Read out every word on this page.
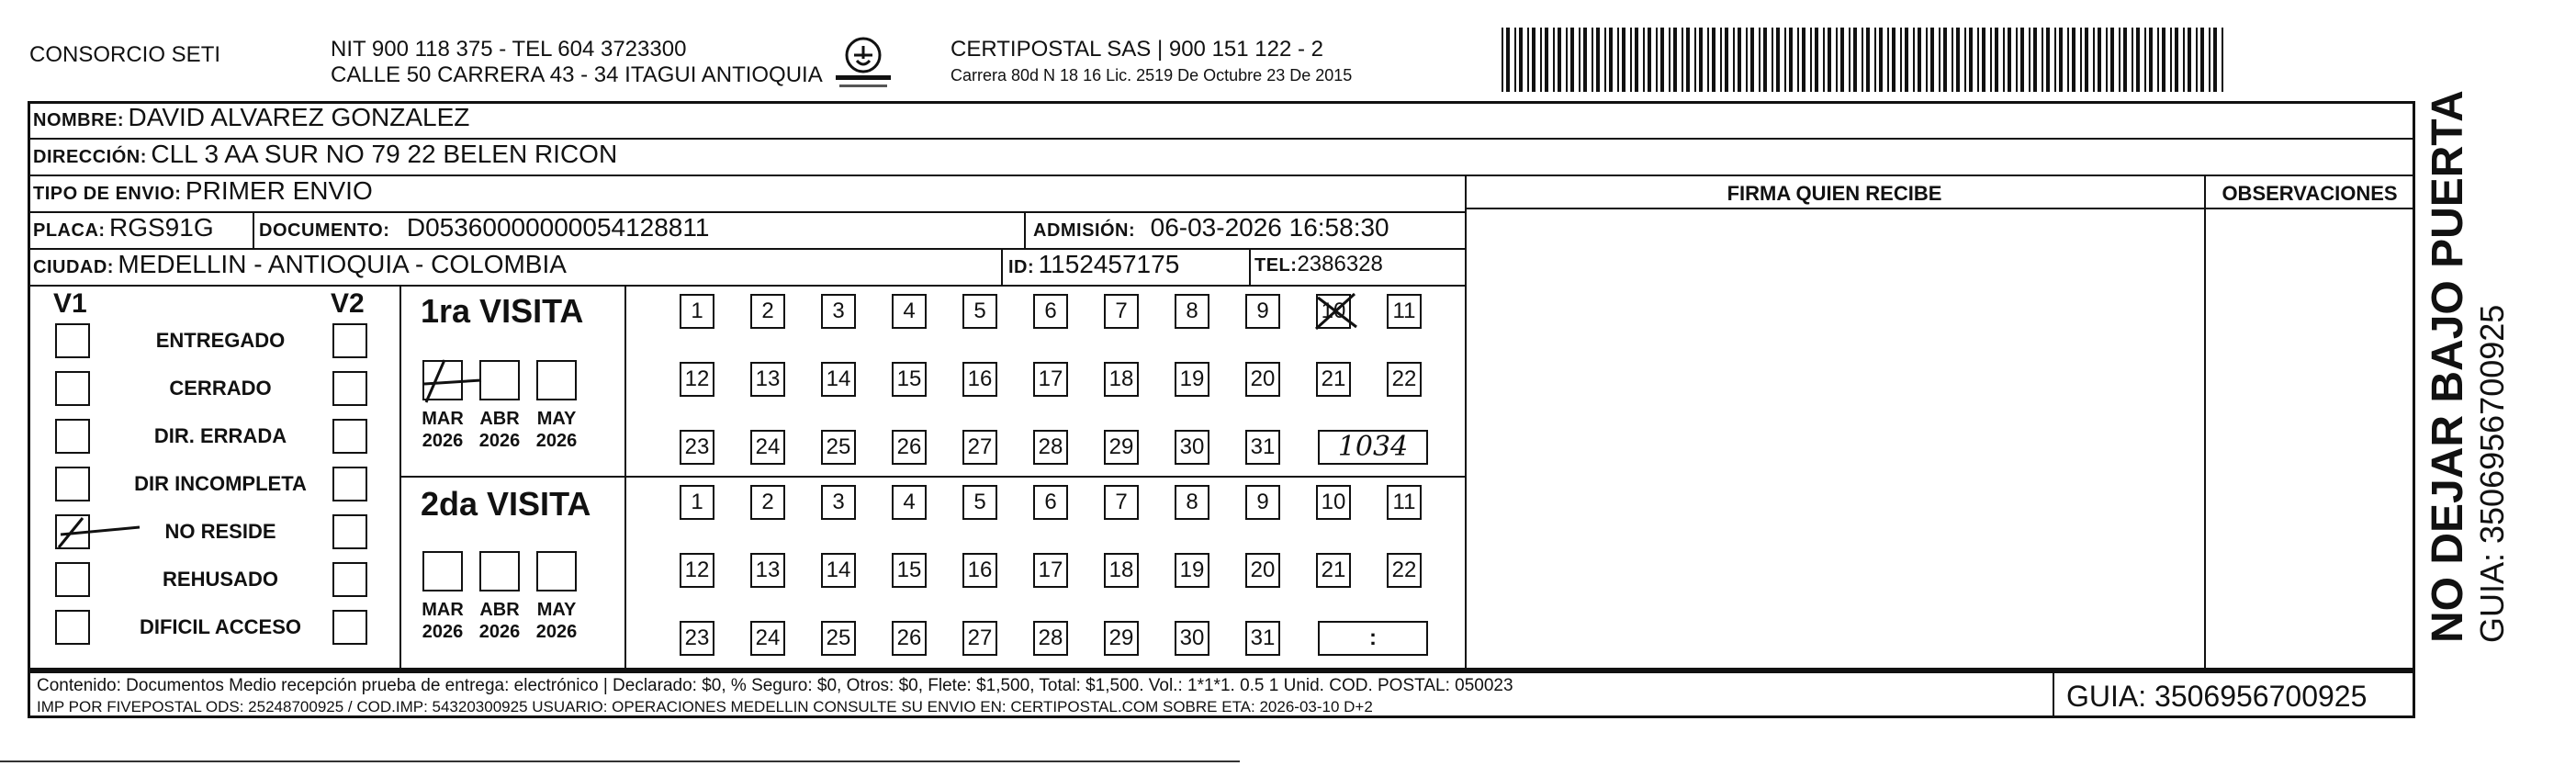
CONSORCIO SETI	NIT 900 118 375 - TEL 604 3723300
CALLE 50 CARRERA 43 - 34 ITAGUI ANTIOQUIA
CERTIPOSTAL SAS | 900 151 122 - 2
Carrera 80d N 18 16 Lic. 2519 De Octubre 23 De 2015
NOMBRE: DAVID ALVAREZ GONZALEZ
DIRECCIÓN: CLL 3 AA SUR NO 79 22 BELEN RICON
TIPO DE ENVIO: PRIMER ENVIO
PLACA: RGS91G DOCUMENTO: D05360000000054128811	ADMISIÓN: 06-03-2026 16:58:30
CIUDAD: MEDELLIN - ANTIOQUIA - COLOMBIA	ID: 1152457175	TEL:2386328
FIRMA QUIEN RECIBE	OBSERVACIONES
V1	V2
ENTREGADO
CERRADO
DIR. ERRADA
DIR INCOMPLETA
NO RESIDE
REHUSADO
DIFICIL ACCESO
1ra VISITA
2da VISITA
MAR
2026
ABR
2026
MAY
2026
MAR
2026
ABR
2026
MAY
2026
1	2	3	4	5	6	7	8	9	10 11
12 13 14 15 16 17 18 19 20 21 22
23 24 25 26 27 28 29 30 31	1034
1	2	3	4	5	6	7	8	9	10 11
12 13 14 15 16 17 18 19 20 21 22
23 24 25 26 27 28 29 30 31	:
Contenido: Documentos Medio recepción prueba de entrega: electrónico | Declarado: $0, % Seguro: $0, Otros: $0, Flete: $1,500, Total: $1,500. Vol.: 1*1*1. 0.5 1 Unid. COD. POSTAL: 050023
IMP POR FIVEPOSTAL ODS: 25248700925 / COD.IMP: 54320300925 USUARIO: OPERACIONES MEDELLIN CONSULTE SU ENVIO EN: CERTIPOSTAL.COM SOBRE ETA: 2026-03-10 D+2	GUIA: 3506956700925
NO DEJAR BAJO PUERTA GUIA: 3506956700925
